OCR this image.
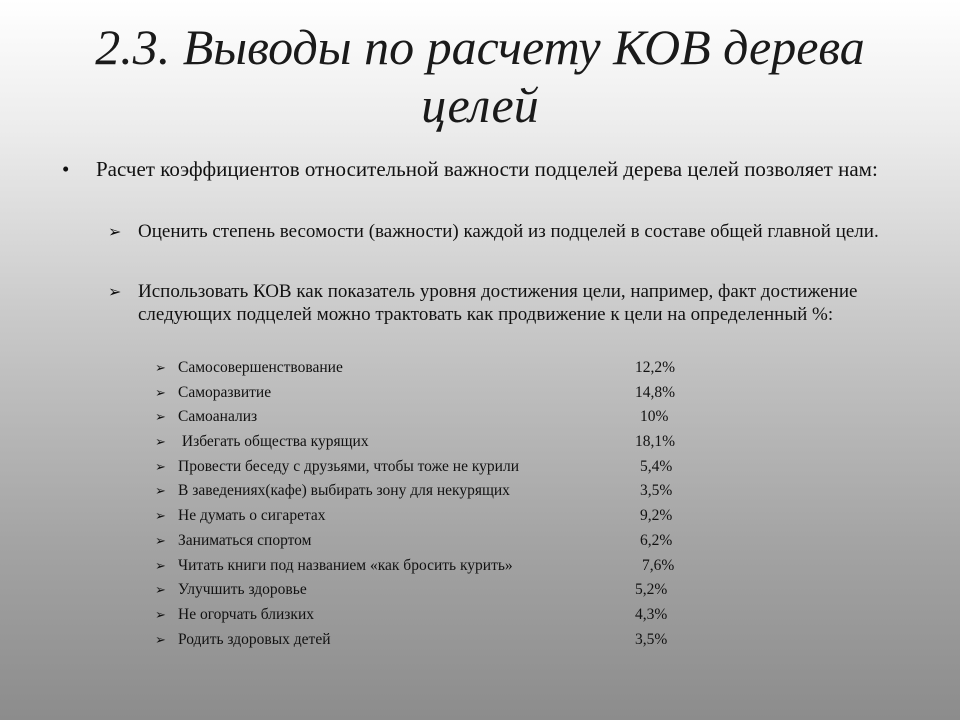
2.3. Выводы по расчету КОВ дерева
целей
• Расчет коэффициентов относительной важности подцелей дерева целей позволяет нам:
➢ Оценить степень весомости (важности) каждой из подцелей в составе общей главной цели.
➢ Использовать КОВ как показатель уровня достижения цели, например, факт достижение следующих подцелей можно трактовать как продвижение к цели на определенный %:
➢ Самосовершенствование	12,2%
➢ Саморазвитие	14,8%
➢ Самоанализ	10%
➢ Избегать общества курящих	18,1%
➢ Провести беседу с друзьями, чтобы тоже не курили	5,4%
➢ В заведениях(кафе) выбирать зону для некурящих	3,5%
➢ Не думать о сигаретах	9,2%
➢ Заниматься спортом	6,2%
➢ Читать книги под названием «как бросить курить»	7,6%
➢ Улучшить здоровье	5,2%
➢ Не огорчать близких	4,3%
➢ Родить здоровых детей	3,5%
